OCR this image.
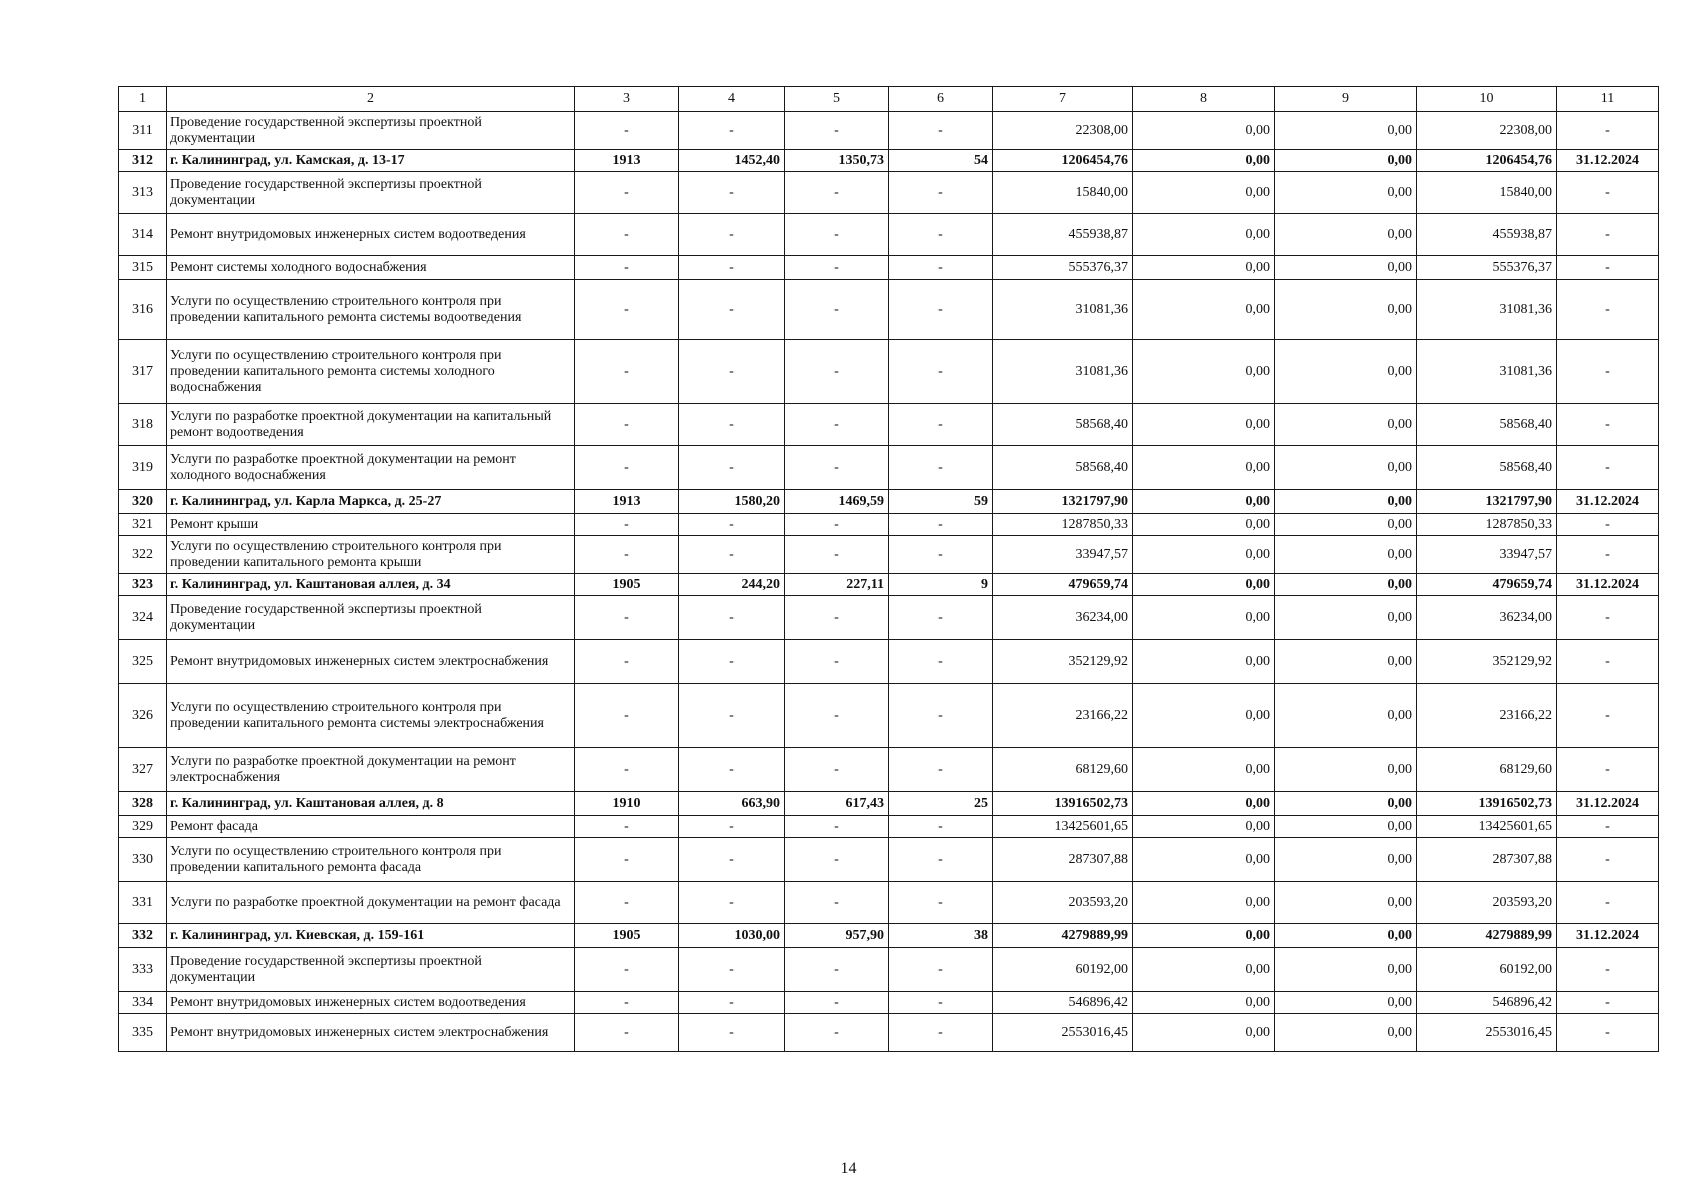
1	2	3	4	5	6	7	8	9	10	11
311	Проведение государственной экспертизы проектной документации	-	-	-	-	22308,00	0,00	0,00	22308,00	-
312	г. Калининград, ул. Камская, д. 13-17	1913	1452,40	1350,73	54	1206454,76	0,00	0,00	1206454,76	31.12.2024
313	Проведение государственной экспертизы проектной документации	-	-	-	-	15840,00	0,00	0,00	15840,00	-
314	Ремонт внутридомовых инженерных систем водоотведения	-	-	-	-	455938,87	0,00	0,00	455938,87	-
315	Ремонт системы холодного водоснабжения	-	-	-	-	555376,37	0,00	0,00	555376,37	-
316	Услуги по осуществлению строительного контроля при проведении капитального ремонта системы водоотведения	-	-	-	-	31081,36	0,00	0,00	31081,36	-
317	Услуги по осуществлению строительного контроля при проведении капитального ремонта системы холодного водоснабжения	-	-	-	-	31081,36	0,00	0,00	31081,36	-
318	Услуги по разработке проектной документации на капитальный ремонт водоотведения	-	-	-	-	58568,40	0,00	0,00	58568,40	-
319	Услуги по разработке проектной документации на ремонт холодного водоснабжения	-	-	-	-	58568,40	0,00	0,00	58568,40	-
320	г. Калининград, ул. Карла Маркса, д. 25-27	1913	1580,20	1469,59	59	1321797,90	0,00	0,00	1321797,90	31.12.2024
321	Ремонт крыши	-	-	-	-	1287850,33	0,00	0,00	1287850,33	-
322	Услуги по осуществлению строительного контроля при проведении капитального ремонта крыши	-	-	-	-	33947,57	0,00	0,00	33947,57	-
323	г. Калининград, ул. Каштановая аллея, д. 34	1905	244,20	227,11	9	479659,74	0,00	0,00	479659,74	31.12.2024
324	Проведение государственной экспертизы проектной документации	-	-	-	-	36234,00	0,00	0,00	36234,00	-
325	Ремонт внутридомовых инженерных систем электроснабжения	-	-	-	-	352129,92	0,00	0,00	352129,92	-
326	Услуги по осуществлению строительного контроля при проведении капитального ремонта системы электроснабжения	-	-	-	-	23166,22	0,00	0,00	23166,22	-
327	Услуги по разработке проектной документации на ремонт электроснабжения	-	-	-	-	68129,60	0,00	0,00	68129,60	-
328	г. Калининград, ул. Каштановая аллея, д. 8	1910	663,90	617,43	25	13916502,73	0,00	0,00	13916502,73	31.12.2024
329	Ремонт фасада	-	-	-	-	13425601,65	0,00	0,00	13425601,65	-
330	Услуги по осуществлению строительного контроля при проведении капитального ремонта фасада	-	-	-	-	287307,88	0,00	0,00	287307,88	-
331	Услуги по разработке проектной документации на ремонт фасада	-	-	-	-	203593,20	0,00	0,00	203593,20	-
332	г. Калининград, ул. Киевская, д. 159-161	1905	1030,00	957,90	38	4279889,99	0,00	0,00	4279889,99	31.12.2024
333	Проведение государственной экспертизы проектной документации	-	-	-	-	60192,00	0,00	0,00	60192,00	-
334	Ремонт внутридомовых инженерных систем водоотведения	-	-	-	-	546896,42	0,00	0,00	546896,42	-
335	Ремонт внутридомовых инженерных систем электроснабжения	-	-	-	-	2553016,45	0,00	0,00	2553016,45	-
14
